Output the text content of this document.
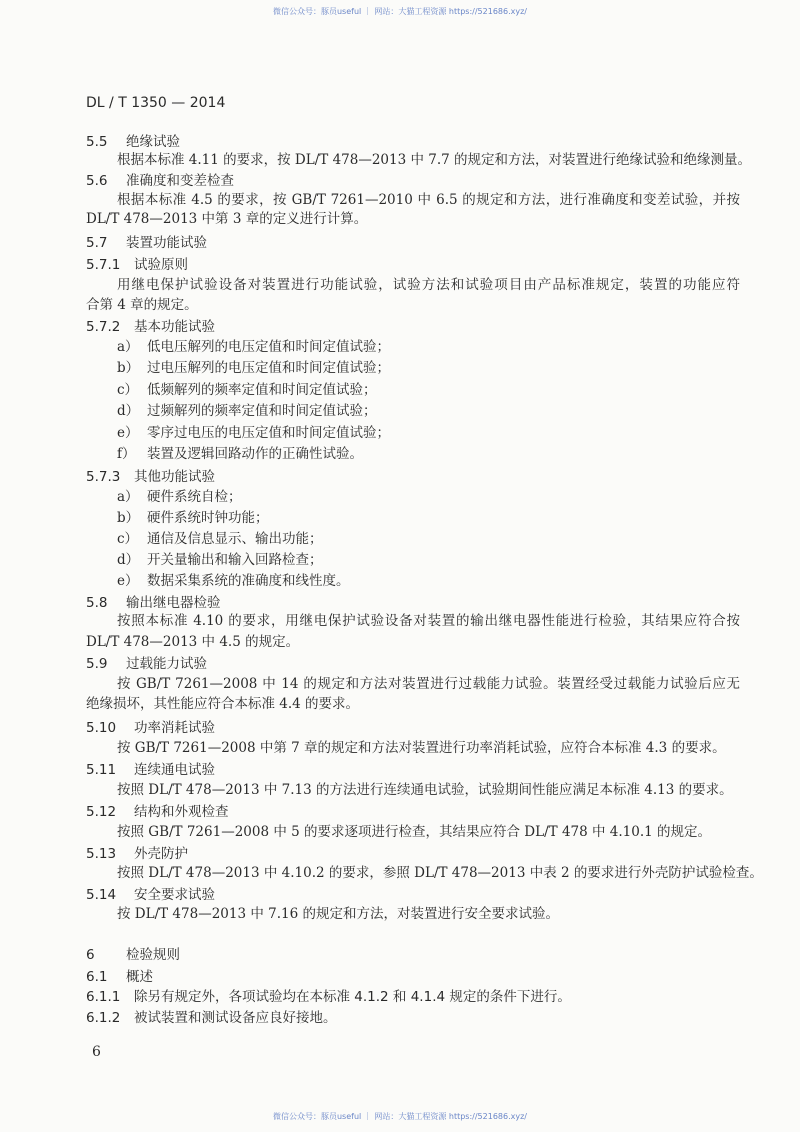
微信公众号：豚员useful ｜ 网站：大猫工程资源 https://521686.xyz/
DL / T 1350 — 2014
5.5 绝缘试验
根据本标准 4.11 的要求，按 DL/T 478—2013 中 7.7 的规定和方法，对装置进行绝缘试验和绝缘测量。
5.6 准确度和变差检查
根据本标准 4.5 的要求，按 GB/T 7261—2010 中 6.5 的规定和方法，进行准确度和变差试验，并按
DL/T 478—2013 中第 3 章的定义进行计算。
5.7 装置功能试验
5.7.1 试验原则
用继电保护试验设备对装置进行功能试验，试验方法和试验项目由产品标准规定，装置的功能应符
合第 4 章的规定。
5.7.2 基本功能试验
a） 低电压解列的电压定值和时间定值试验；
b） 过电压解列的电压定值和时间定值试验；
c） 低频解列的频率定值和时间定值试验；
d） 过频解列的频率定值和时间定值试验；
e） 零序过电压的电压定值和时间定值试验；
f） 装置及逻辑回路动作的正确性试验。
5.7.3 其他功能试验
a） 硬件系统自检；
b） 硬件系统时钟功能；
c） 通信及信息显示、输出功能；
d） 开关量输出和输入回路检查；
e） 数据采集系统的准确度和线性度。
5.8 输出继电器检验
按照本标准 4.10 的要求，用继电保护试验设备对装置的输出继电器性能进行检验，其结果应符合按
DL/T 478—2013 中 4.5 的规定。
5.9 过载能力试验
按 GB/T 7261—2008 中 14 的规定和方法对装置进行过载能力试验。装置经受过载能力试验后应无
绝缘损坏，其性能应符合本标准 4.4 的要求。
5.10 功率消耗试验
按 GB/T 7261—2008 中第 7 章的规定和方法对装置进行功率消耗试验，应符合本标准 4.3 的要求。
5.11 连续通电试验
按照 DL/T 478—2013 中 7.13 的方法进行连续通电试验，试验期间性能应满足本标准 4.13 的要求。
5.12 结构和外观检查
按照 GB/T 7261—2008 中 5 的要求逐项进行检查，其结果应符合 DL/T 478 中 4.10.1 的规定。
5.13 外壳防护
按照 DL/T 478—2013 中 4.10.2 的要求，参照 DL/T 478—2013 中表 2 的要求进行外壳防护试验检查。
5.14 安全要求试验
按 DL/T 478—2013 中 7.16 的规定和方法，对装置进行安全要求试验。
6 检验规则
6.1 概述
6.1.1 除另有规定外，各项试验均在本标准 4.1.2 和 4.1.4 规定的条件下进行。
6.1.2 被试装置和测试设备应良好接地。
6
微信公众号：豚员useful ｜ 网站：大猫工程资源 https://521686.xyz/
